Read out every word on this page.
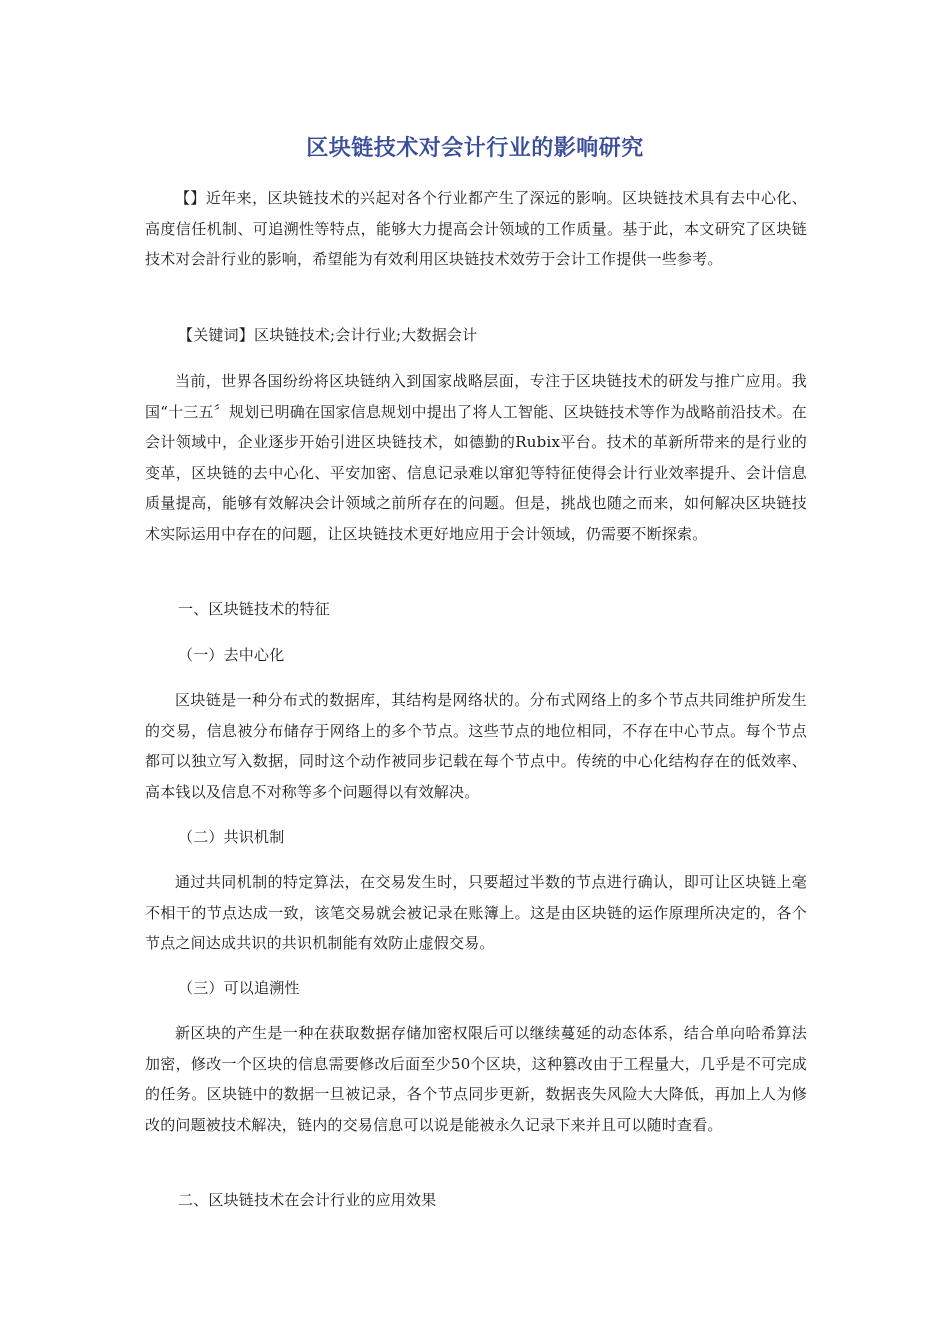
区块链技术对会计行业的影响研究
【】近年来，区块链技术的兴起对各个行业都产生了深远的影响。区块链技术具有去中心化、高度信任机制、可追溯性等特点，能够大力提高会计领域的工作质量。基于此，本文研究了区块链技术对会計行业的影响，希望能为有效利用区块链技术效劳于会计工作提供一些参考。
【关键词】区块链技术;会计行业;大数据会计
当前，世界各国纷纷将区块链纳入到国家战略层面，专注于区块链技术的研发与推广应用。我国“十三五〞规划已明确在国家信息规划中提出了将人工智能、区块链技术等作为战略前沿技术。在会计领域中，企业逐步开始引进区块链技术，如德勤的Rubix平台。技术的革新所带来的是行业的变革，区块链的去中心化、平安加密、信息记录难以窜犯等特征使得会计行业效率提升、会计信息质量提高，能够有效解决会计领域之前所存在的问题。但是，挑战也随之而来，如何解决区块链技术实际运用中存在的问题，让区块链技术更好地应用于会计领域，仍需要不断探索。
一、区块链技术的特征
（一）去中心化
区块链是一种分布式的数据库，其结构是网络状的。分布式网络上的多个节点共同维护所发生的交易，信息被分布储存于网络上的多个节点。这些节点的地位相同，不存在中心节点。每个节点都可以独立写入数据，同时这个动作被同步记载在每个节点中。传统的中心化结构存在的低效率、高本钱以及信息不对称等多个问题得以有效解决。
（二）共识机制
通过共同机制的特定算法，在交易发生时，只要超过半数的节点进行确认，即可让区块链上毫不相干的节点达成一致，该笔交易就会被记录在账簿上。这是由区块链的运作原理所决定的，各个节点之间达成共识的共识机制能有效防止虚假交易。
（三）可以追溯性
新区块的产生是一种在获取数据存储加密权限后可以继续蔓延的动态体系，结合单向哈希算法加密，修改一个区块的信息需要修改后面至少50个区块，这种篡改由于工程量大，几乎是不可完成的任务。区块链中的数据一旦被记录，各个节点同步更新，数据丧失风险大大降低，再加上人为修改的问题被技术解决，链内的交易信息可以说是能被永久记录下来并且可以随时查看。
二、区块链技术在会计行业的应用效果
